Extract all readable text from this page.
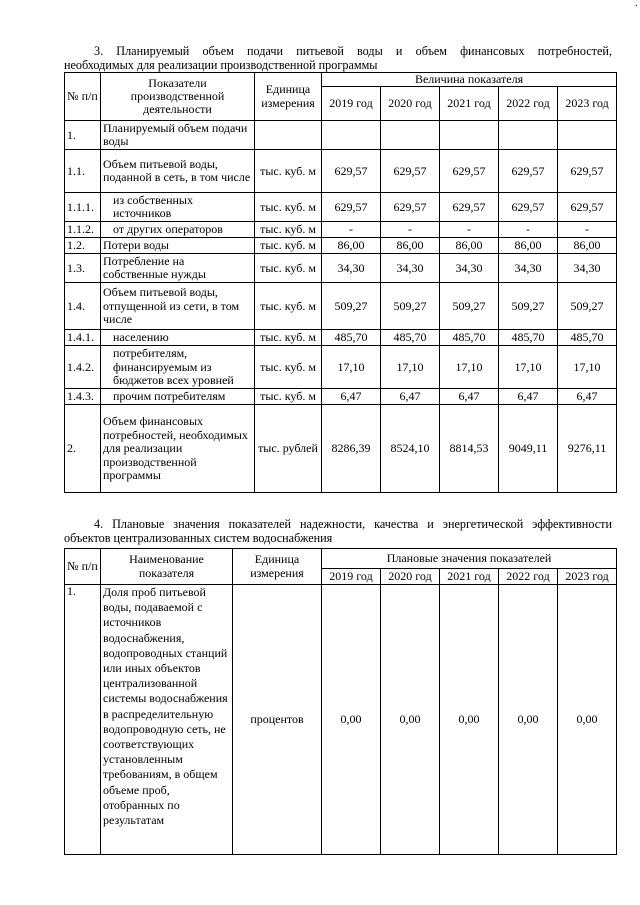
·
3. Планируемый объем подачи питьевой воды и объем финансовых потребностей,
необходимых для реализации производственной программы
№ п/п	Показатели производственной деятельности	Единица измерения	Величина показателя				
			2019 год	2020 год	2021 год	2022 год	2023 год
1.	Планируемый объем подачи воды						
1.1.	Объем питьевой воды, поданной в сеть, в том числе	тыс. куб. м	629,57	629,57	629,57	629,57	629,57
1.1.1.	из собственных источников	тыс. куб. м	629,57	629,57	629,57	629,57	629,57
1.1.2.	от других операторов	тыс. куб. м	-	-	-	-	-
1.2.	Потери воды	тыс. куб. м	86,00	86,00	86,00	86,00	86,00
1.3.	Потребление на собственные нужды	тыс. куб. м	34,30	34,30	34,30	34,30	34,30
1.4.	Объем питьевой воды, отпущенной из сети, в том числе	тыс. куб. м	509,27	509,27	509,27	509,27	509,27
1.4.1.	населению	тыс. куб. м	485,70	485,70	485,70	485,70	485,70
1.4.2.	потребителям, финансируемым из бюджетов всех уровней	тыс. куб. м	17,10	17,10	17,10	17,10	17,10
1.4.3.	прочим потребителям	тыс. куб. м	6,47	6,47	6,47	6,47	6,47
2.	Объем финансовых потребностей, необходимых для реализации производственной программы	тыс. рублей	8286,39	8524,10	8814,53	9049,11	9276,11
4. Плановые значения показателей надежности, качества и энергетической эффективности
объектов централизованных систем водоснабжения
№ п/п	Наименование показателя	Единица измерения	Плановые значения показателей				
			2019 год	2020 год	2021 год	2022 год	2023 год
1.	Доля проб питьевой воды, подаваемой с источников водоснабжения, водопроводных станций или иных объектов централизованной системы водоснабжения в распределительную водопроводную сеть, не соответствующих установленным требованиям, в общем объеме проб, отобранных по результатам	процентов	0,00	0,00	0,00	0,00	0,00
